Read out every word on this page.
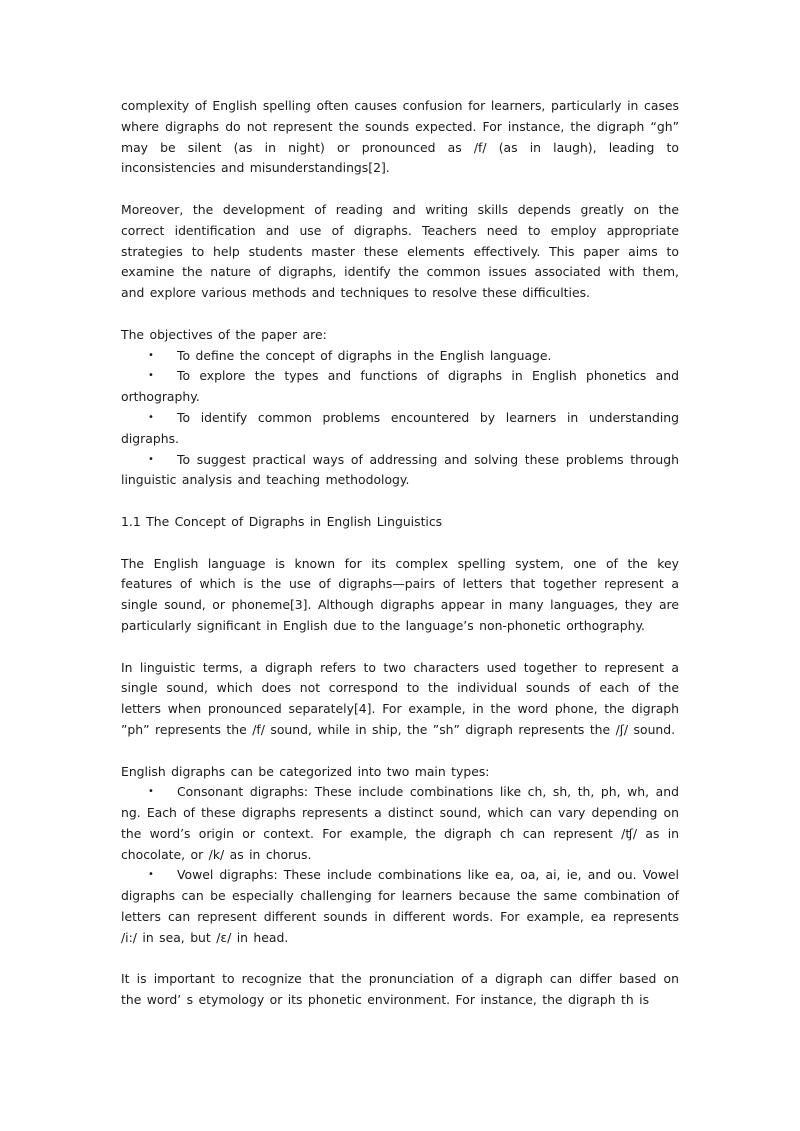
complexity of English spelling often causes confusion for learners, particularly in cases where digraphs do not represent the sounds expected. For instance, the digraph “gh” may be silent (as in night) or pronounced as /f/ (as in laugh), leading to inconsistencies and misunderstandings[2].

Moreover, the development of reading and writing skills depends greatly on the correct identification and use of digraphs. Teachers need to employ appropriate strategies to help students master these elements effectively. This paper aims to examine the nature of digraphs, identify the common issues associated with them, and explore various methods and techniques to resolve these difficulties.

The objectives of the paper are:

• To define the concept of digraphs in the English language.
• To explore the types and functions of digraphs in English phonetics and orthography.
• To identify common problems encountered by learners in understanding digraphs.
• To suggest practical ways of addressing and solving these problems through linguistic analysis and teaching methodology.

1.1 The Concept of Digraphs in English Linguistics

The English language is known for its complex spelling system, one of the key features of which is the use of digraphs—pairs of letters that together represent a single sound, or phoneme[3]. Although digraphs appear in many languages, they are particularly significant in English due to the language’s non-phonetic orthography.

In linguistic terms, a digraph refers to two characters used together to represent a single sound, which does not correspond to the individual sounds of each of the letters when pronounced separately[4]. For example, in the word phone, the digraph ”ph” represents the /f/ sound, while in ship, the ”sh” digraph represents the /ʃ/ sound.

English digraphs can be categorized into two main types:

• Consonant digraphs: These include combinations like ch, sh, th, ph, wh, and ng. Each of these digraphs represents a distinct sound, which can vary depending on the word’s origin or context. For example, the digraph ch can represent /ʧ/ as in chocolate, or /k/ as in chorus.
• Vowel digraphs: These include combinations like ea, oa, ai, ie, and ou. Vowel digraphs can be especially challenging for learners because the same combination of letters can represent different sounds in different words. For example, ea represents /i:/ in sea, but /ɛ/ in head.

It is important to recognize that the pronunciation of a digraph can differ based on the word’ s etymology or its phonetic environment. For instance, the digraph th is
